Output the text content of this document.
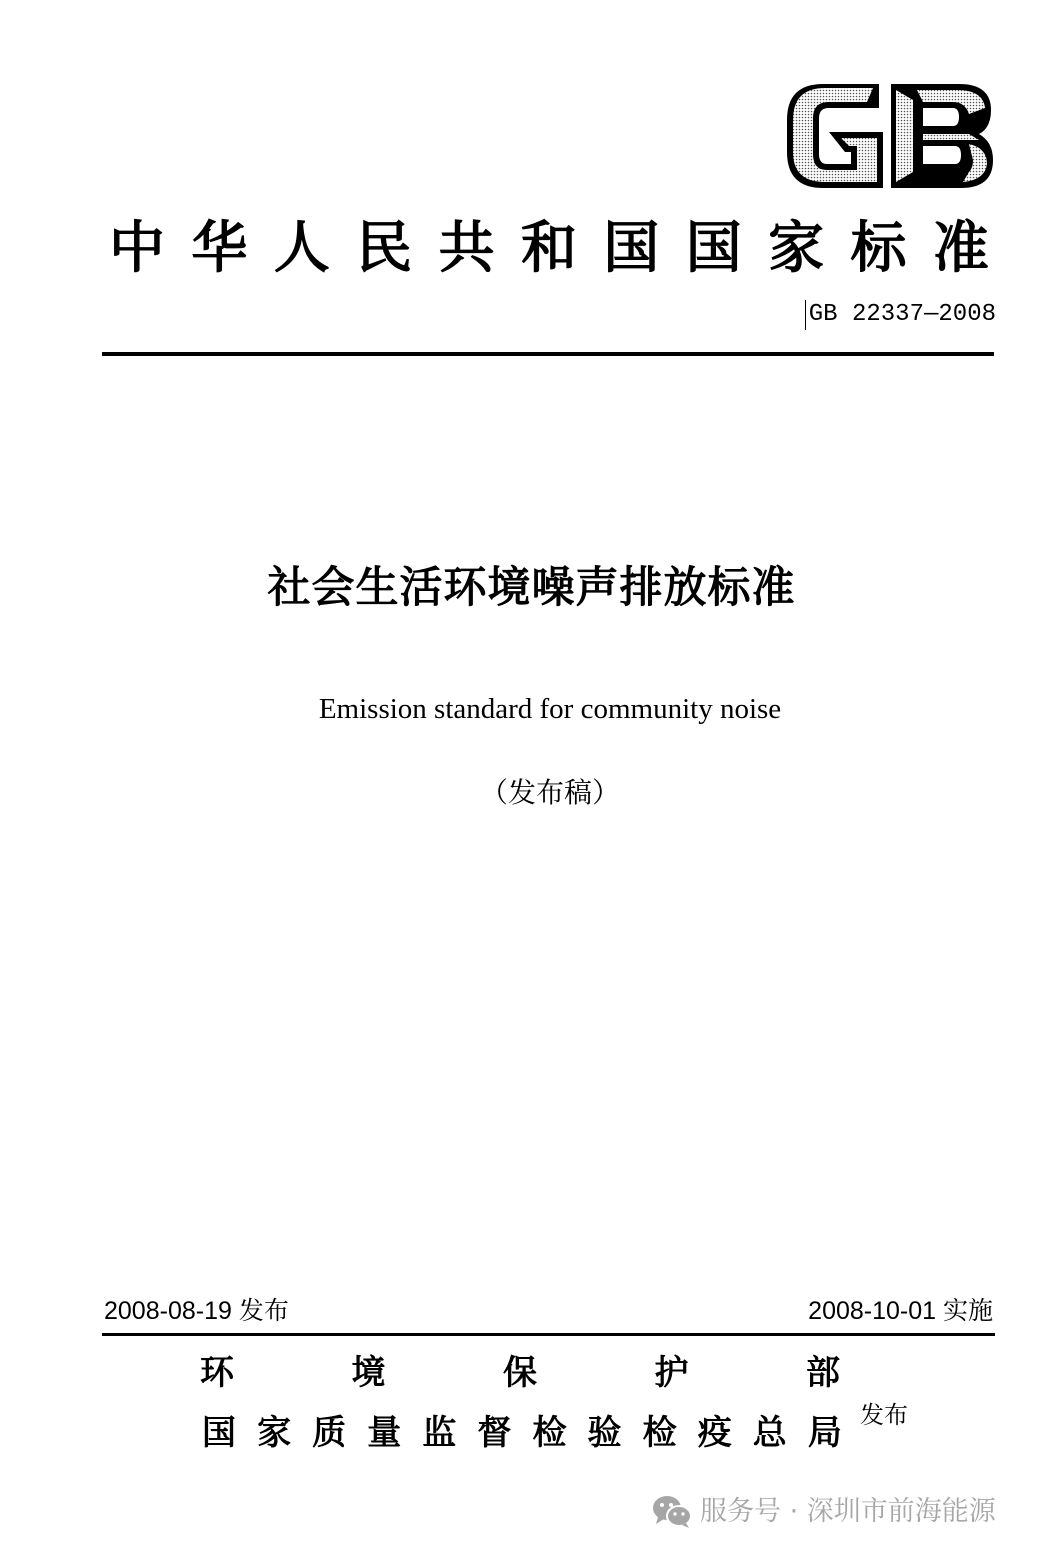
中 华 人 民 共 和 国 国 家 标 准
GB 22337—2008
社会生活环境噪声排放标准
Emission standard for community noise
（发布稿）
2008-08-19 发布	2008-10-01 实施
环	境	保	护	部
国 家 质 量 监 督 检 验 检 疫 总 局 发布
服务号 · 深圳市前海能源
